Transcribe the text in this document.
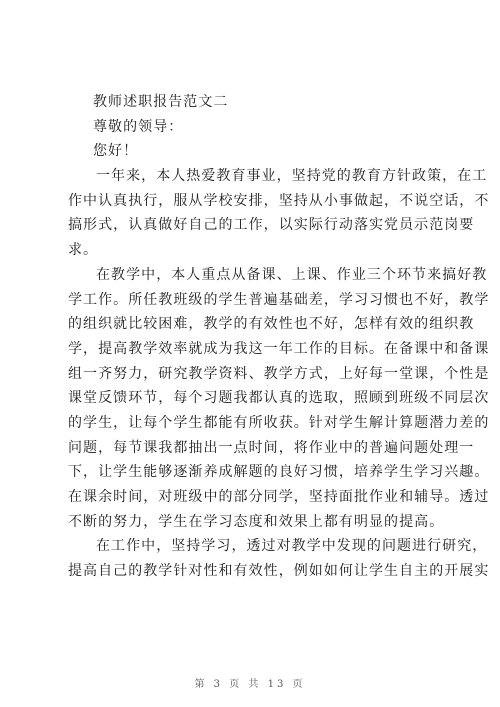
教师述职报告范文二
尊敬的领导：
您好！
一年来，本人热爱教育事业，坚持党的教育方针政策，在工
作中认真执行，服从学校安排，坚持从小事做起，不说空话，不
搞形式，认真做好自己的工作，以实际行动落实党员示范岗要
求。
在教学中，本人重点从备课、上课、作业三个环节来搞好教
学工作。所任教班级的学生普遍基础差，学习习惯也不好，教学
的组织就比较困难，教学的有效性也不好，怎样有效的组织教
学，提高教学效率就成为我这一年工作的目标。在备课中和备课
组一齐努力，研究教学资料、教学方式，上好每一堂课，个性是
课堂反馈环节，每个习题我都认真的选取，照顾到班级不同层次
的学生，让每个学生都能有所收获。针对学生解计算题潜力差的
问题，每节课我都抽出一点时间，将作业中的普遍问题处理一
下，让学生能够逐渐养成解题的良好习惯，培养学生学习兴趣。
在课余时间，对班级中的部分同学，坚持面批作业和辅导。透过
不断的努力，学生在学习态度和效果上都有明显的提高。
在工作中，坚持学习，透过对教学中发现的问题进行研究，
提高自己的教学针对性和有效性，例如如何让学生自主的开展实
第 3 页 共 13 页
